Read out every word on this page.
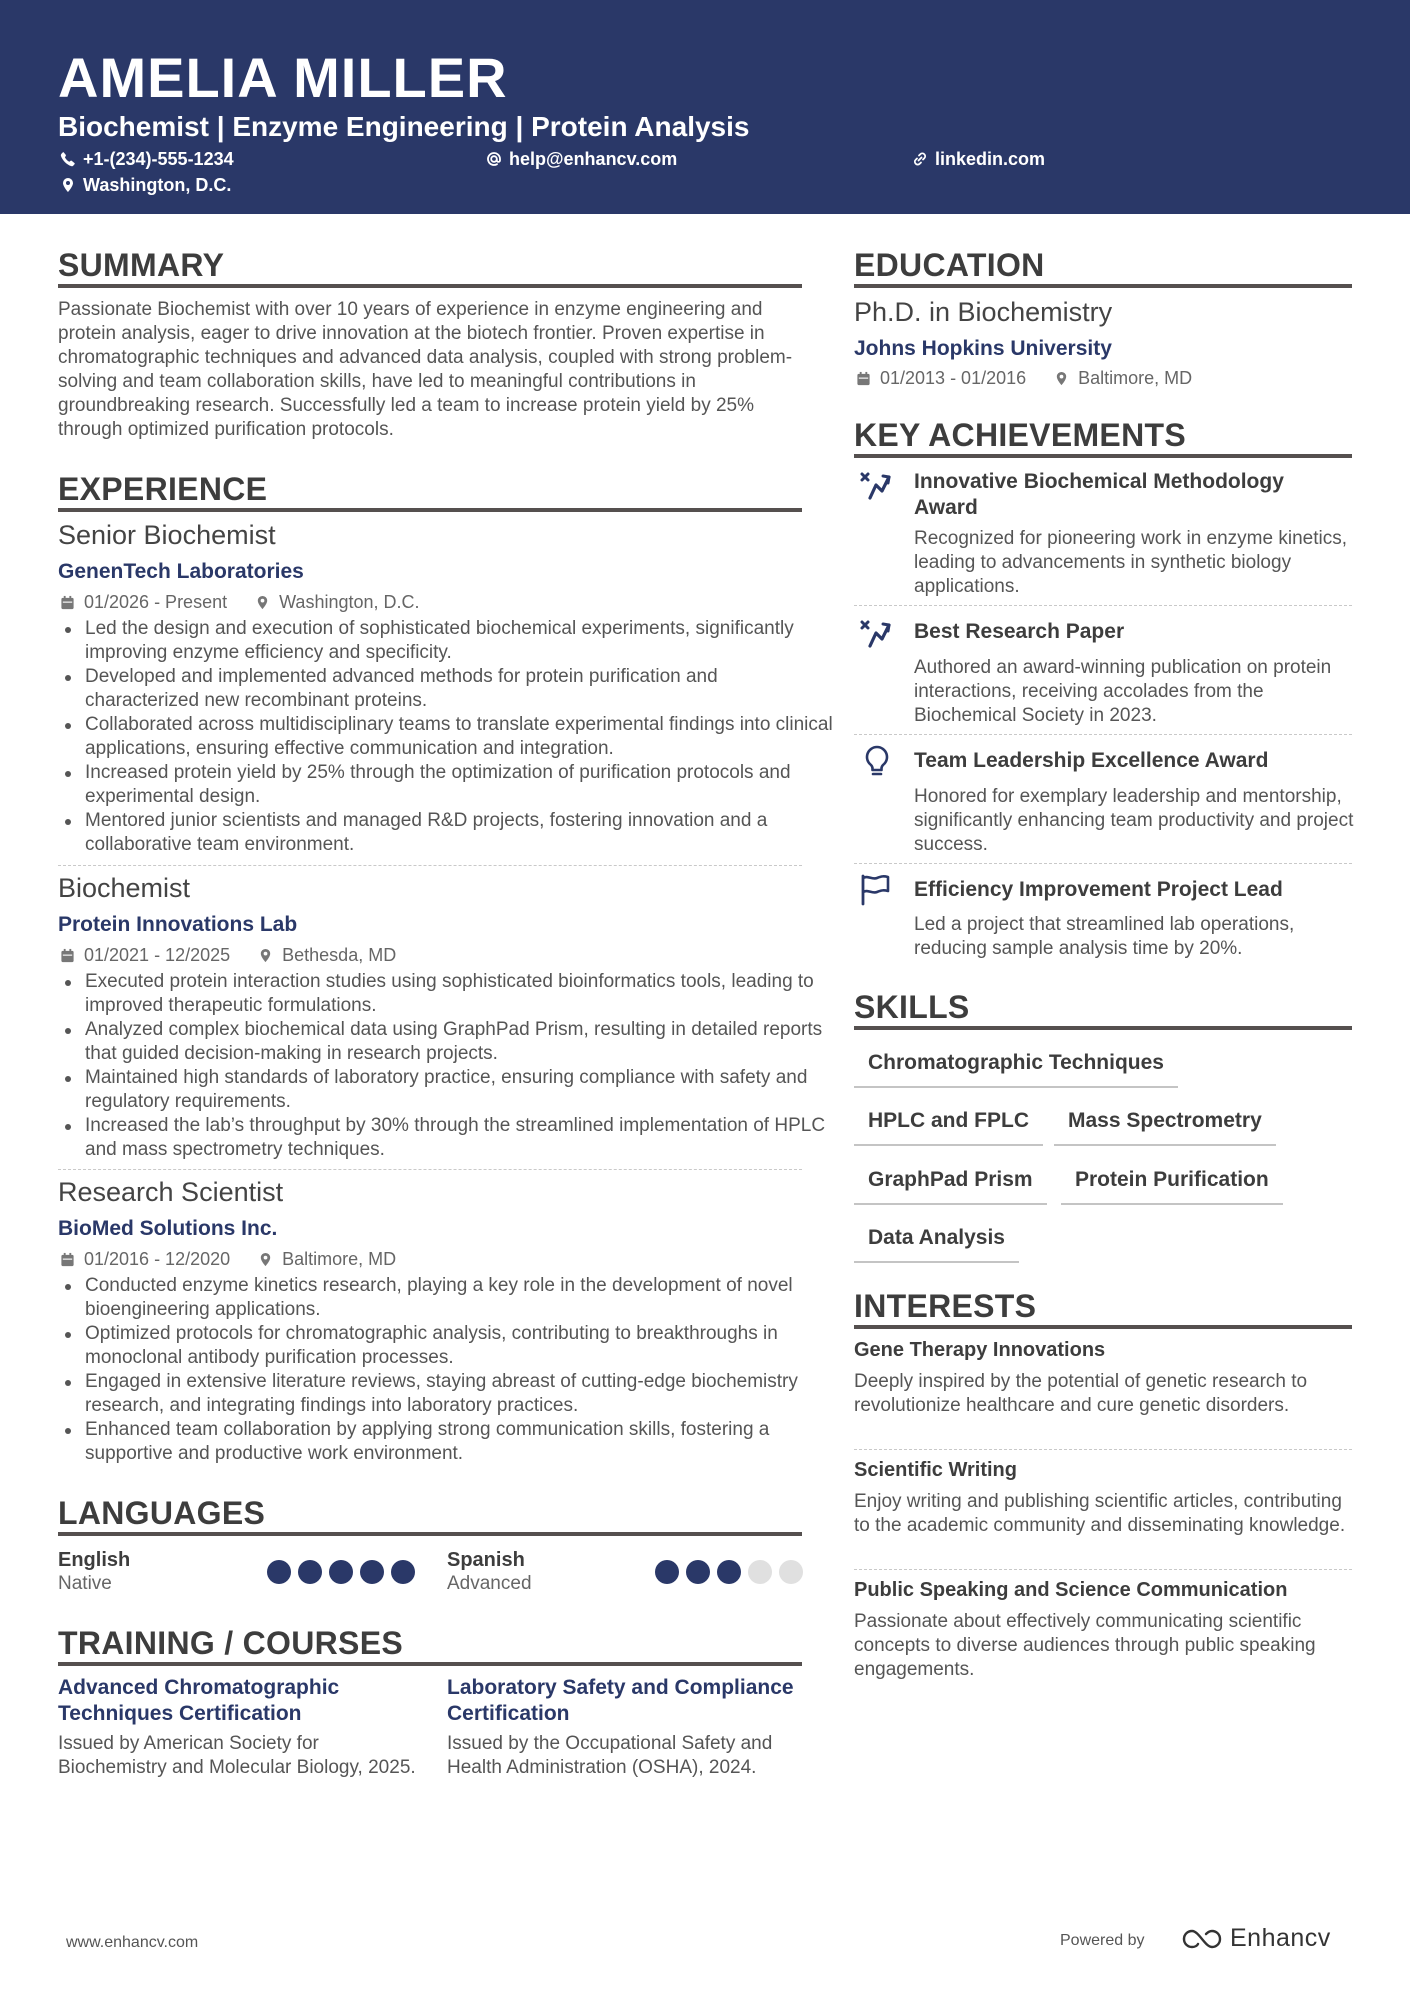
AMELIA MILLER
Biochemist | Enzyme Engineering | Protein Analysis
+1-(234)-555-1234	help@enhancv.com	linkedin.com
Washington, D.C.
SUMMARY
Passionate Biochemist with over 10 years of experience in enzyme engineering and protein analysis, eager to drive innovation at the biotech frontier. Proven expertise in chromatographic techniques and advanced data analysis, coupled with strong problem-solving and team collaboration skills, have led to meaningful contributions in groundbreaking research. Successfully led a team to increase protein yield by 25% through optimized purification protocols.
EXPERIENCE
Senior Biochemist
GenenTech Laboratories
01/2026 - Present	Washington, D.C.
Led the design and execution of sophisticated biochemical experiments, significantly improving enzyme efficiency and specificity.
Developed and implemented advanced methods for protein purification and characterized new recombinant proteins.
Collaborated across multidisciplinary teams to translate experimental findings into clinical applications, ensuring effective communication and integration.
Increased protein yield by 25% through the optimization of purification protocols and experimental design.
Mentored junior scientists and managed R&D projects, fostering innovation and a collaborative team environment.
Biochemist
Protein Innovations Lab
01/2021 - 12/2025	Bethesda, MD
Executed protein interaction studies using sophisticated bioinformatics tools, leading to improved therapeutic formulations.
Analyzed complex biochemical data using GraphPad Prism, resulting in detailed reports that guided decision-making in research projects.
Maintained high standards of laboratory practice, ensuring compliance with safety and regulatory requirements.
Increased the lab’s throughput by 30% through the streamlined implementation of HPLC and mass spectrometry techniques.
Research Scientist
BioMed Solutions Inc.
01/2016 - 12/2020	Baltimore, MD
Conducted enzyme kinetics research, playing a key role in the development of novel bioengineering applications.
Optimized protocols for chromatographic analysis, contributing to breakthroughs in monoclonal antibody purification processes.
Engaged in extensive literature reviews, staying abreast of cutting-edge biochemistry research, and integrating findings into laboratory practices.
Enhanced team collaboration by applying strong communication skills, fostering a supportive and productive work environment.
LANGUAGES
English
Native
Spanish
Advanced
TRAINING / COURSES
Advanced Chromatographic Techniques Certification
Issued by American Society for Biochemistry and Molecular Biology, 2025.
Laboratory Safety and Compliance Certification
Issued by the Occupational Safety and Health Administration (OSHA), 2024.
EDUCATION
Ph.D. in Biochemistry
Johns Hopkins University
01/2013 - 01/2016	Baltimore, MD
KEY ACHIEVEMENTS
Innovative Biochemical Methodology Award
Recognized for pioneering work in enzyme kinetics, leading to advancements in synthetic biology applications.
Best Research Paper
Authored an award-winning publication on protein interactions, receiving accolades from the Biochemical Society in 2023.
Team Leadership Excellence Award
Honored for exemplary leadership and mentorship, significantly enhancing team productivity and project success.
Efficiency Improvement Project Lead
Led a project that streamlined lab operations, reducing sample analysis time by 20%.
SKILLS
Chromatographic Techniques
HPLC and FPLC	Mass Spectrometry
GraphPad Prism	Protein Purification
Data Analysis
INTERESTS
Gene Therapy Innovations
Deeply inspired by the potential of genetic research to revolutionize healthcare and cure genetic disorders.
Scientific Writing
Enjoy writing and publishing scientific articles, contributing to the academic community and disseminating knowledge.
Public Speaking and Science Communication
Passionate about effectively communicating scientific concepts to diverse audiences through public speaking engagements.
www.enhancv.com	Powered by	Enhancv
